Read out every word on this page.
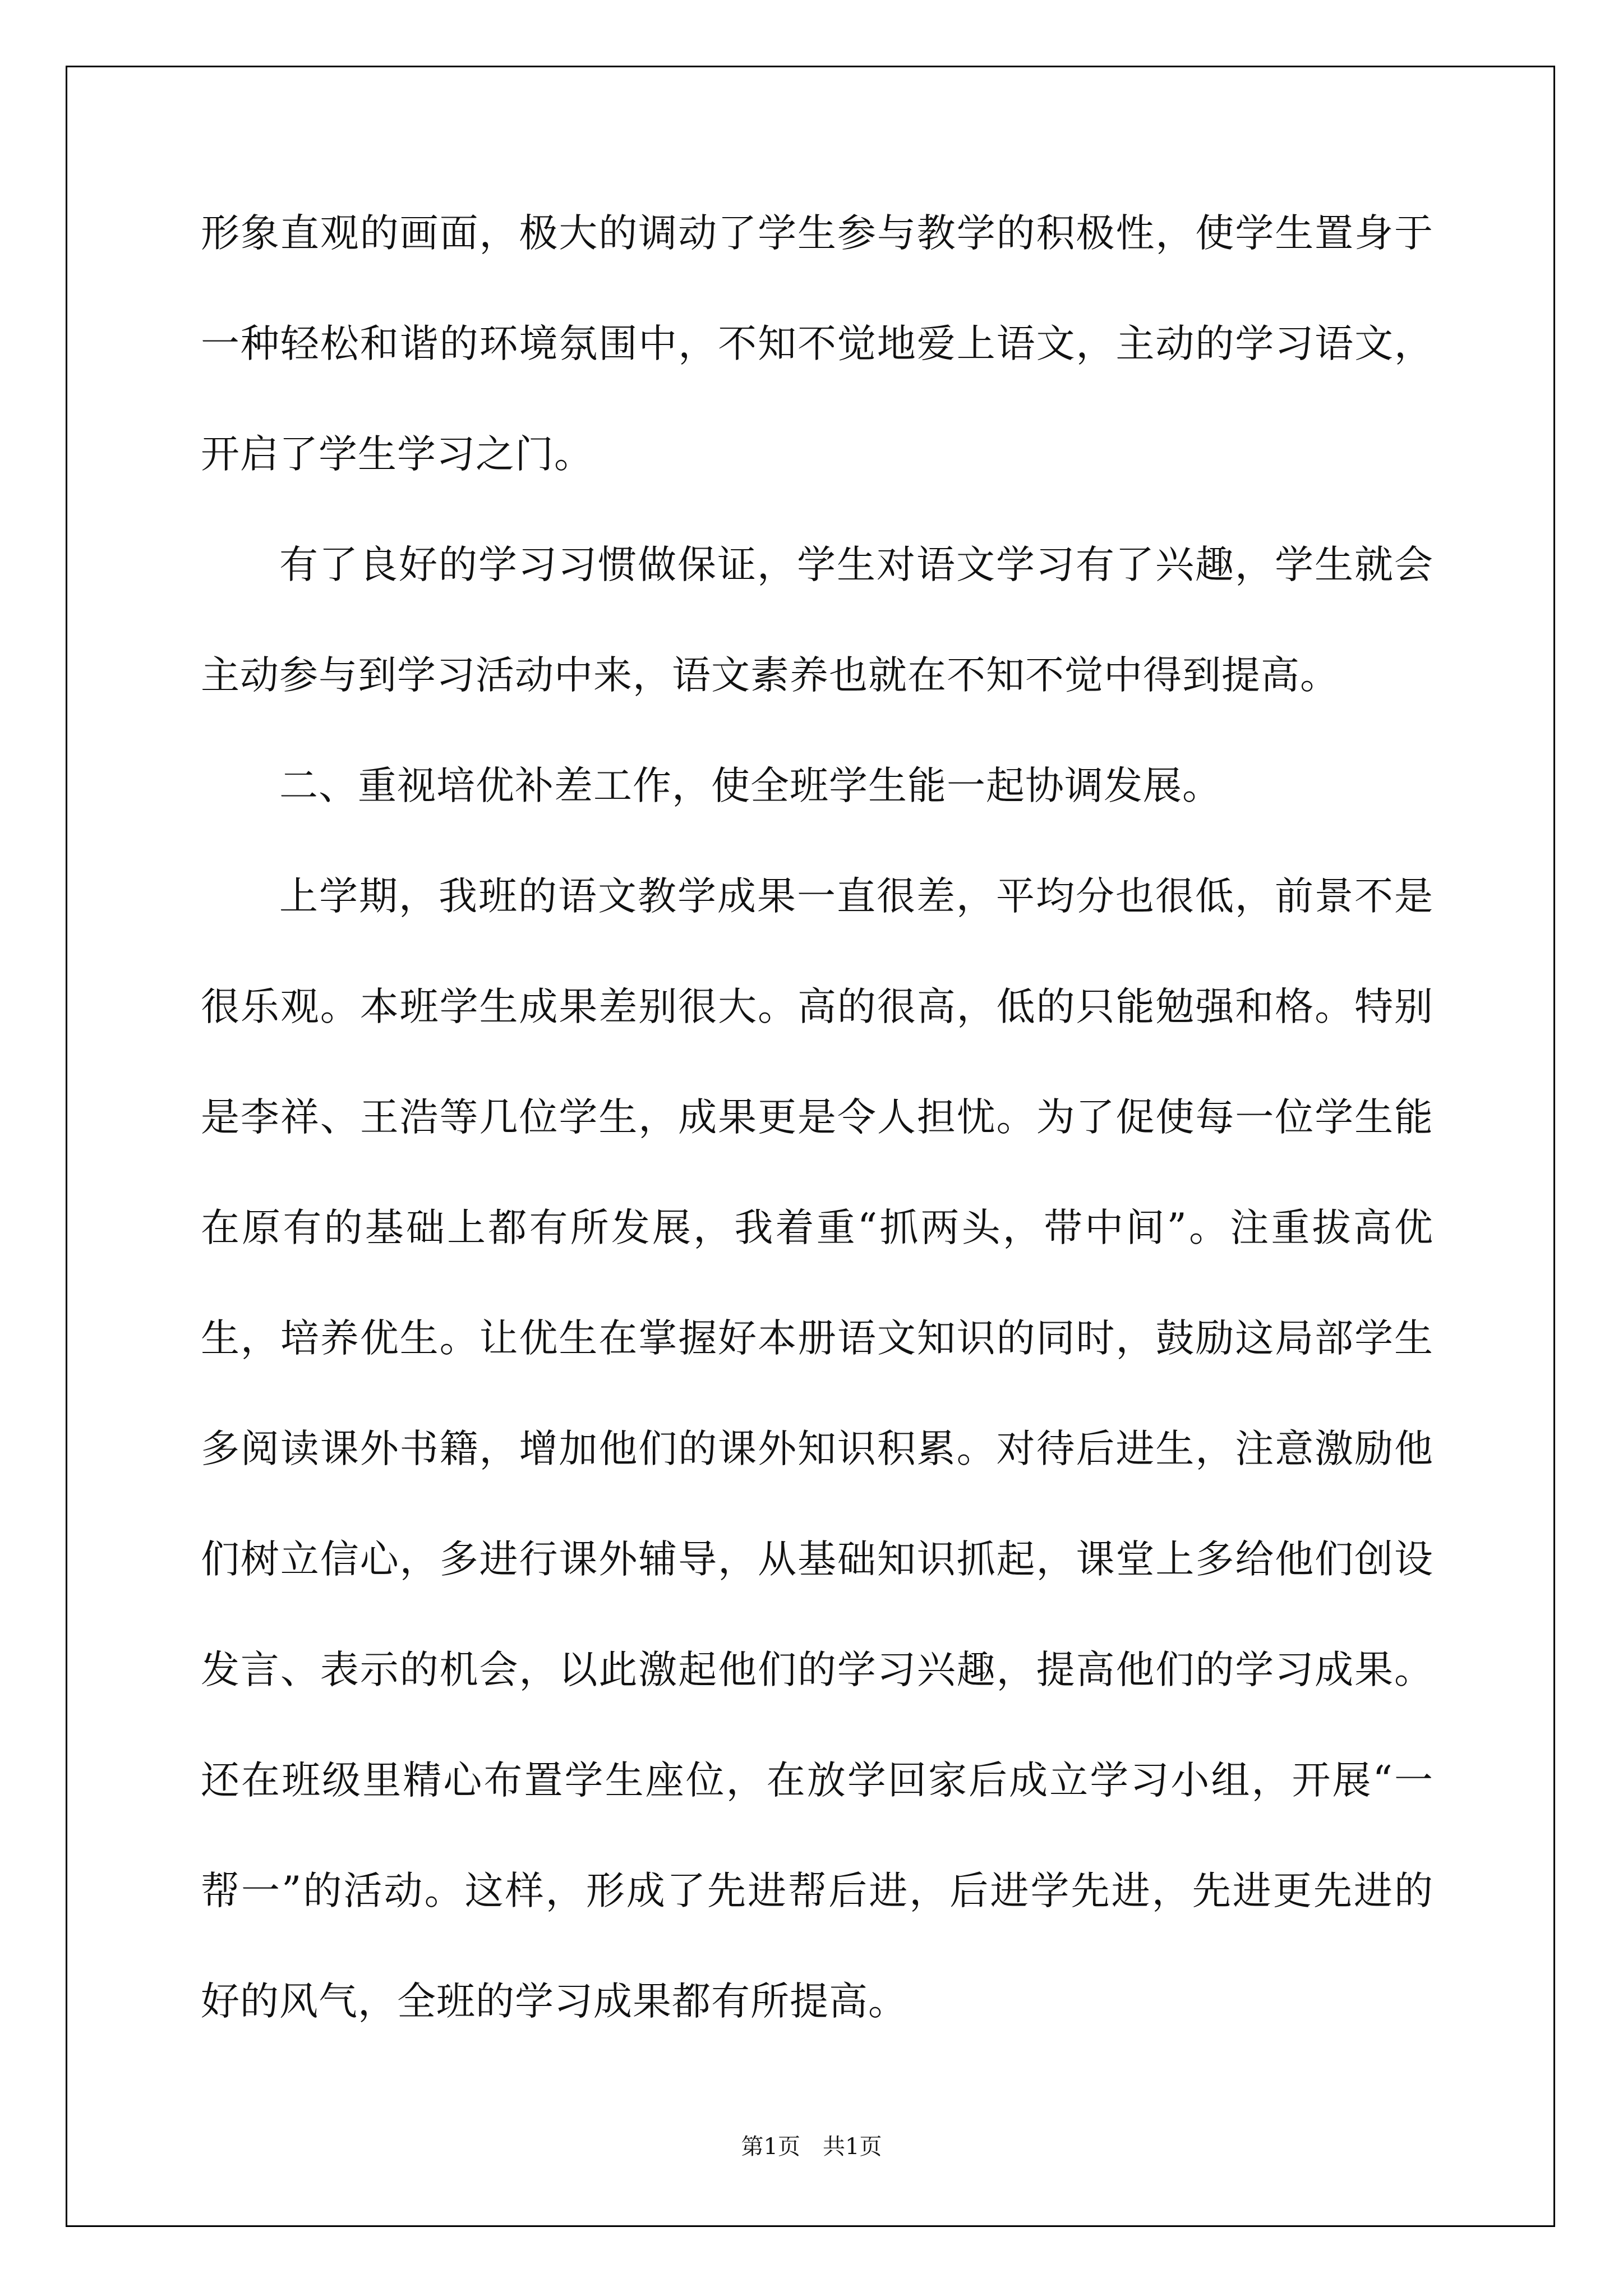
形象直观的画面，极大的调动了学生参与教学的积极性，使学生置身于一种轻松和谐的环境氛围中，不知不觉地爱上语文，主动的学习语文，开启了学生学习之门。

有了良好的学习习惯做保证，学生对语文学习有了兴趣，学生就会主动参与到学习活动中来，语文素养也就在不知不觉中得到提高。

二、重视培优补差工作，使全班学生能一起协调发展。

上学期，我班的语文教学成果一直很差，平均分也很低，前景不是很乐观。本班学生成果差别很大。高的很高，低的只能勉强和格。特别是李祥、王浩等几位学生，成果更是令人担忧。为了促使每一位学生能在原有的基础上都有所发展，我着重“抓两头，带中间”。注重拔高优生，培养优生。让优生在掌握好本册语文知识的同时，鼓励这局部学生多阅读课外书籍，增加他们的课外知识积累。对待后进生，注意激励他们树立信心，多进行课外辅导，从基础知识抓起，课堂上多给他们创设发言、表示的机会，以此激起他们的学习兴趣，提高他们的学习成果。还在班级里精心布置学生座位，在放学回家后成立学习小组，开展“一帮一”的活动。这样，形成了先进帮后进，后进学先进，先进更先进的好的风气，全班的学习成果都有所提高。

第1页 共1页
